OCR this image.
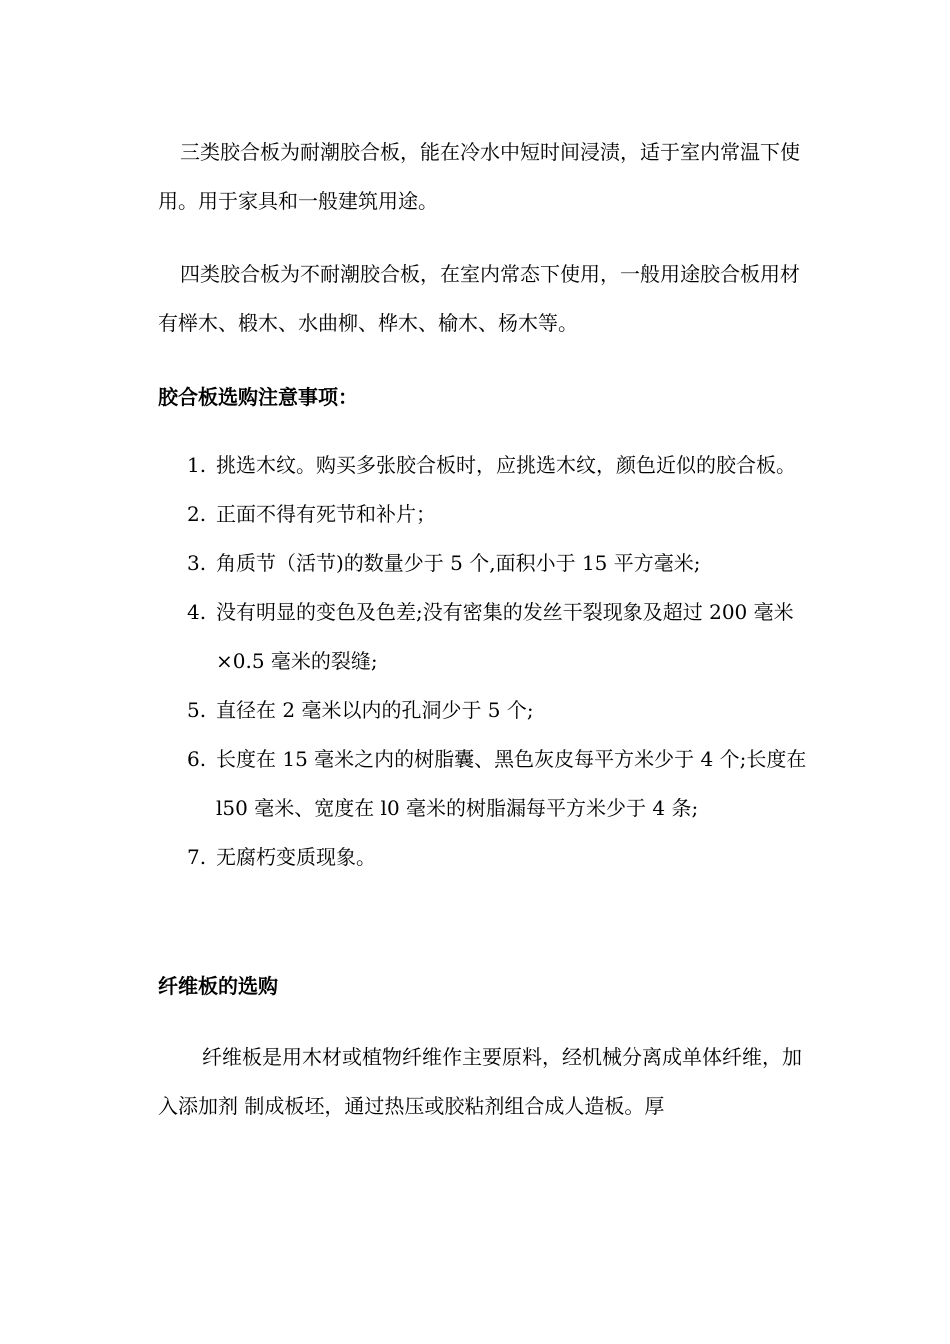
三类胶合板为耐潮胶合板，能在冷水中短时间浸渍，适于室内常温下使用。用于家具和一般建筑用途。

四类胶合板为不耐潮胶合板，在室内常态下使用，一般用途胶合板用材有榉木、椴木、水曲柳、桦木、榆木、杨木等。

胶合板选购注意事项：
1. 挑选木纹。购买多张胶合板时，应挑选木纹，颜色近似的胶合板。
2. 正面不得有死节和补片；
3. 角质节（活节)的数量少于 5 个,面积小于 15 平方毫米;
4. 没有明显的变色及色差;没有密集的发丝干裂现象及超过 200 毫米×0.5 毫米的裂缝;
5. 直径在 2 毫米以内的孔洞少于 5 个;
6. 长度在 15 毫米之内的树脂囊、黑色灰皮每平方米少于 4 个;长度在 l50 毫米、宽度在 l0 毫米的树脂漏每平方米少于 4 条;
7. 无腐朽变质现象。
纤维板的选购

纤维板是用木材或植物纤维作主要原料，经机械分离成单体纤维，加入添加剂 制成板坯，通过热压或胶粘剂组合成人造板。厚
